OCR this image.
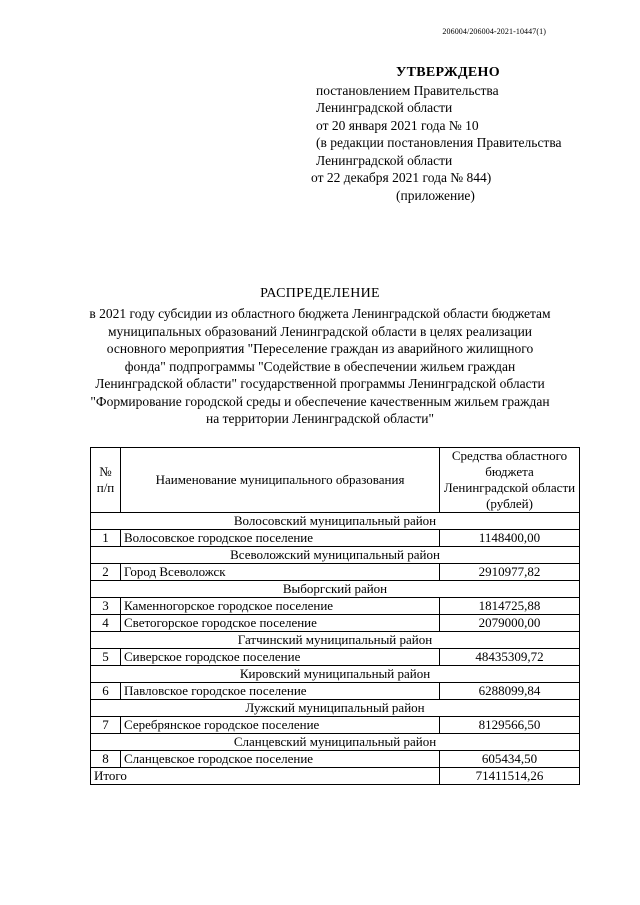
206004/206004-2021-10447(1)
УТВЕРЖДЕНО
постановлением Правительства
Ленинградской области
от 20 января 2021 года № 10
(в редакции постановления Правительства
Ленинградской области
от 22 декабря 2021 года № 844)
(приложение)
РАСПРЕДЕЛЕНИЕ
в 2021 году субсидии из областного бюджета Ленинградской области бюджетам
муниципальных образований Ленинградской области в целях реализации
основного мероприятия "Переселение граждан из аварийного жилищного
фонда" подпрограммы "Содействие в обеспечении жильем граждан
Ленинградской области" государственной программы Ленинградской области
"Формирование городской среды и обеспечение качественным жильем граждан
на территории Ленинградской области"
№ п/п	Наименование муниципального образования	Средства областного бюджета Ленинградской области (рублей)
Волосовский муниципальный район		
1	Волосовское городское поселение	1148400,00
Всеволожский муниципальный район		
2	Город Всеволожск	2910977,82
Выборгский район		
3	Каменногорское городское поселение	1814725,88
4	Светогорское городское поселение	2079000,00
Гатчинский муниципальный район		
5	Сиверское городское поселение	48435309,72
Кировский муниципальный район		
6	Павловское городское поселение	6288099,84
Лужский муниципальный район		
7	Серебрянское городское поселение	8129566,50
Сланцевский муниципальный район		
8	Сланцевское городское поселение	605434,50
Итого		71411514,26
